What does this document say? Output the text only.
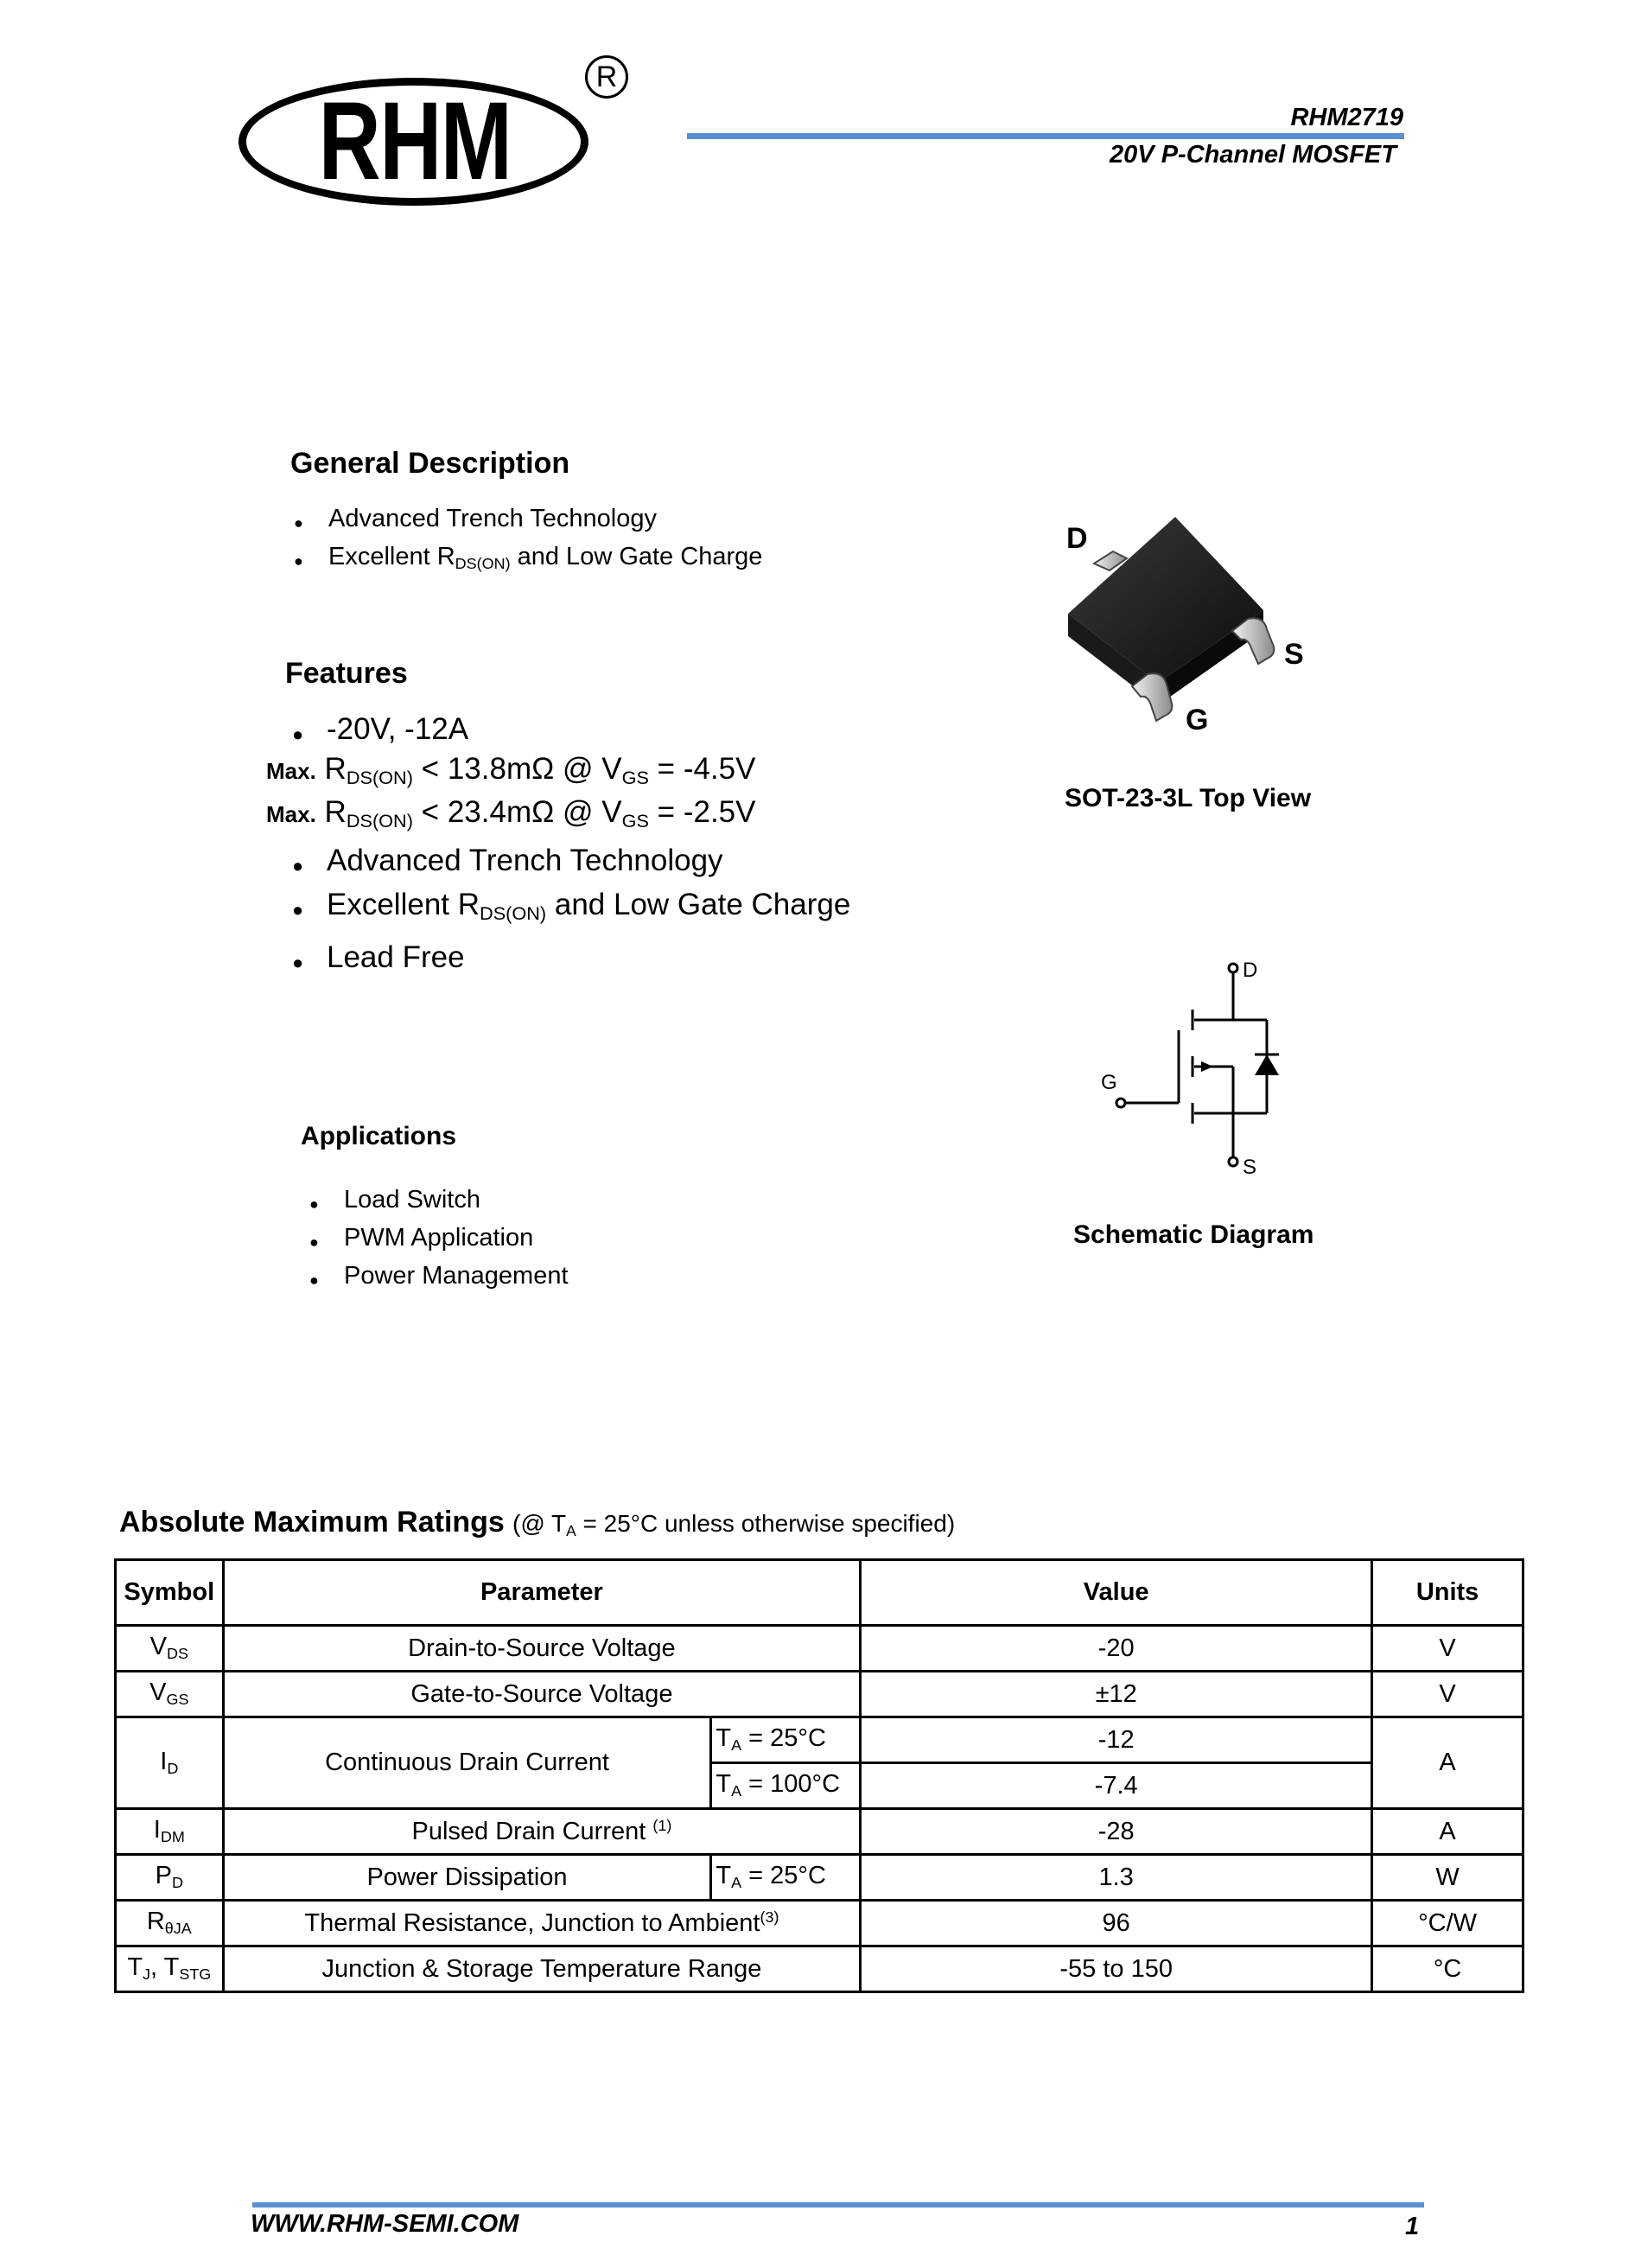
RHM
R
RHM2719
20V P-Channel MOSFET
General Description
● Advanced Trench Technology
● Excellent $R_{DS(ON)}$ and Low Gate Charge
Features
● -20V, -12A
Max. $R_{DS(ON)} < 13.8m\Omega$ @ $V_{GS} = -4.5V$
Max. $R_{DS(ON)} < 23.4m\Omega$ @ $V_{GS} = -2.5V$
● Advanced Trench Technology
● Excellent $R_{DS(ON)}$ and Low Gate Charge
● Lead Free
Applications
● Load Switch
● PWM Application
● Power Management
D
S
G
SOT-23-3L Top View
D
G
S
Schematic Diagram
Absolute Maximum Ratings (@ $T_A = 25^\circ C$ unless otherwise specified)
Symbol	Parameter		Value	Units
$V_{DS}$	Drain-to-Source Voltage		-20	V
$V_{GS}$	Gate-to-Source Voltage		±12	V
$I_D$	Continuous Drain Current	$T_A = 25^\circ C$	-12	A
		$T_A = 100^\circ C$	-7.4	
$I_{DM}$	Pulsed Drain Current $^{(1)}$		-28	A
$P_D$	Power Dissipation	$T_A = 25^\circ C$	1.3	W
$R_{\theta JA}$	Thermal Resistance, Junction to Ambient$^{(3)}$		96	°C/W
$T_J$, $T_{STG}$	Junction & Storage Temperature Range		-55 to 150	°C
WWW.RHM-SEMI.COM	1
